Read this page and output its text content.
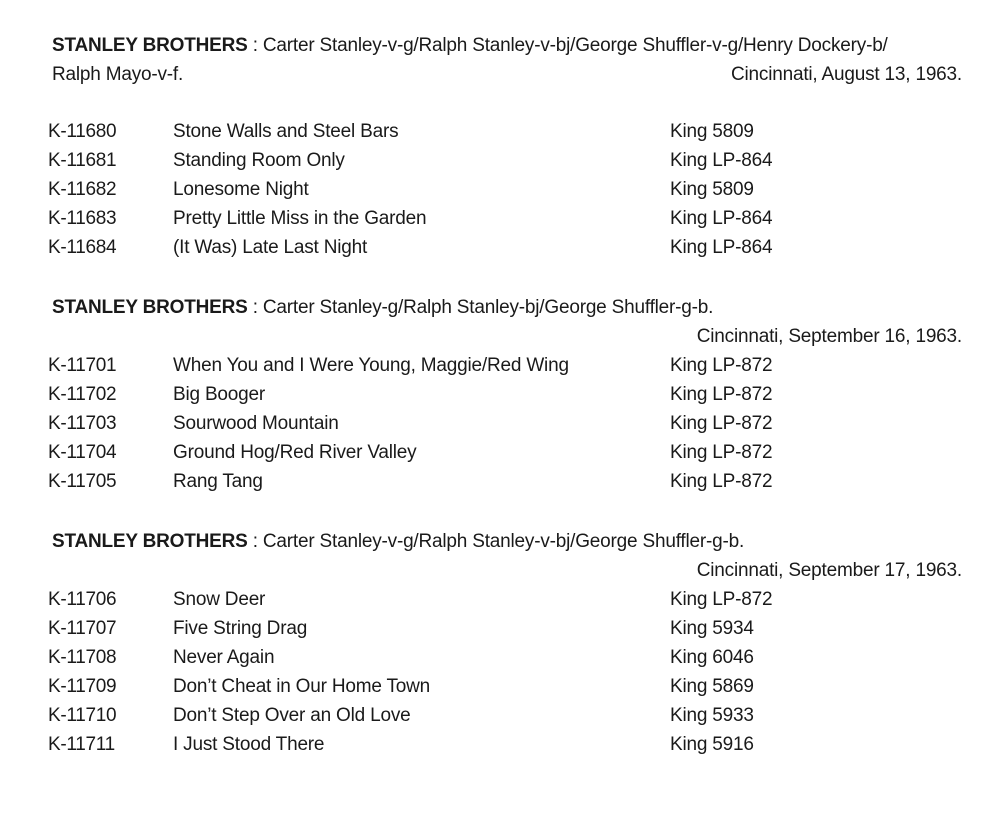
STANLEY BROTHERS : Carter Stanley-v-g/Ralph Stanley-v-bj/George Shuffler-v-g/Henry Dockery-b/
Ralph Mayo-v-f.	Cincinnati, August 13, 1963.
K-11680	Stone Walls and Steel Bars	King 5809
K-11681	Standing Room Only	King LP-864
K-11682	Lonesome Night	King 5809
K-11683	Pretty Little Miss in the Garden	King LP-864
K-11684	(It Was) Late Last Night	King LP-864
STANLEY BROTHERS : Carter Stanley-g/Ralph Stanley-bj/George Shuffler-g-b.
Cincinnati, September 16, 1963.
K-11701	When You and I Were Young, Maggie/Red Wing	King LP-872
K-11702	Big Booger	King LP-872
K-11703	Sourwood Mountain	King LP-872
K-11704	Ground Hog/Red River Valley	King LP-872
K-11705	Rang Tang	King LP-872
STANLEY BROTHERS : Carter Stanley-v-g/Ralph Stanley-v-bj/George Shuffler-g-b.
Cincinnati, September 17, 1963.
K-11706	Snow Deer	King LP-872
K-11707	Five String Drag	King 5934
K-11708	Never Again	King 6046
K-11709	Don’t Cheat in Our Home Town	King 5869
K-11710	Don’t Step Over an Old Love	King 5933
K-11711	I Just Stood There	King 5916
